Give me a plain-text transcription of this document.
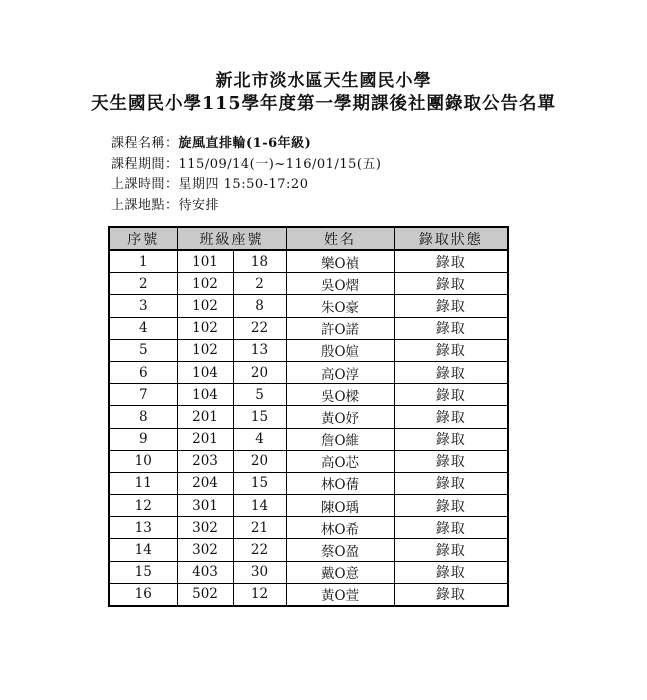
新北市淡水區天生國民小學
天生國民小學115學年度第一學期課後社團錄取公告名單
課程名稱：旋風直排輪(1-6年級)
課程期間：115/09/14(一)~116/01/15(五)
上課時間：星期四 15:50-17:20
上課地點：待安排
序號	班級座號		姓名	錄取狀態
1	101	18	樂O禎	錄取
2	102	2	吳O熠	錄取
3	102	8	朱O豪	錄取
4	102	22	許O諾	錄取
5	102	13	殷O媗	錄取
6	104	20	高O淳	錄取
7	104	5	吳O樑	錄取
8	201	15	黃O妤	錄取
9	201	4	詹O維	錄取
10	203	20	高O芯	錄取
11	204	15	林O蒨	錄取
12	301	14	陳O瑀	錄取
13	302	21	林O希	錄取
14	302	22	蔡O盈	錄取
15	403	30	戴O意	錄取
16	502	12	黃O萱	錄取
